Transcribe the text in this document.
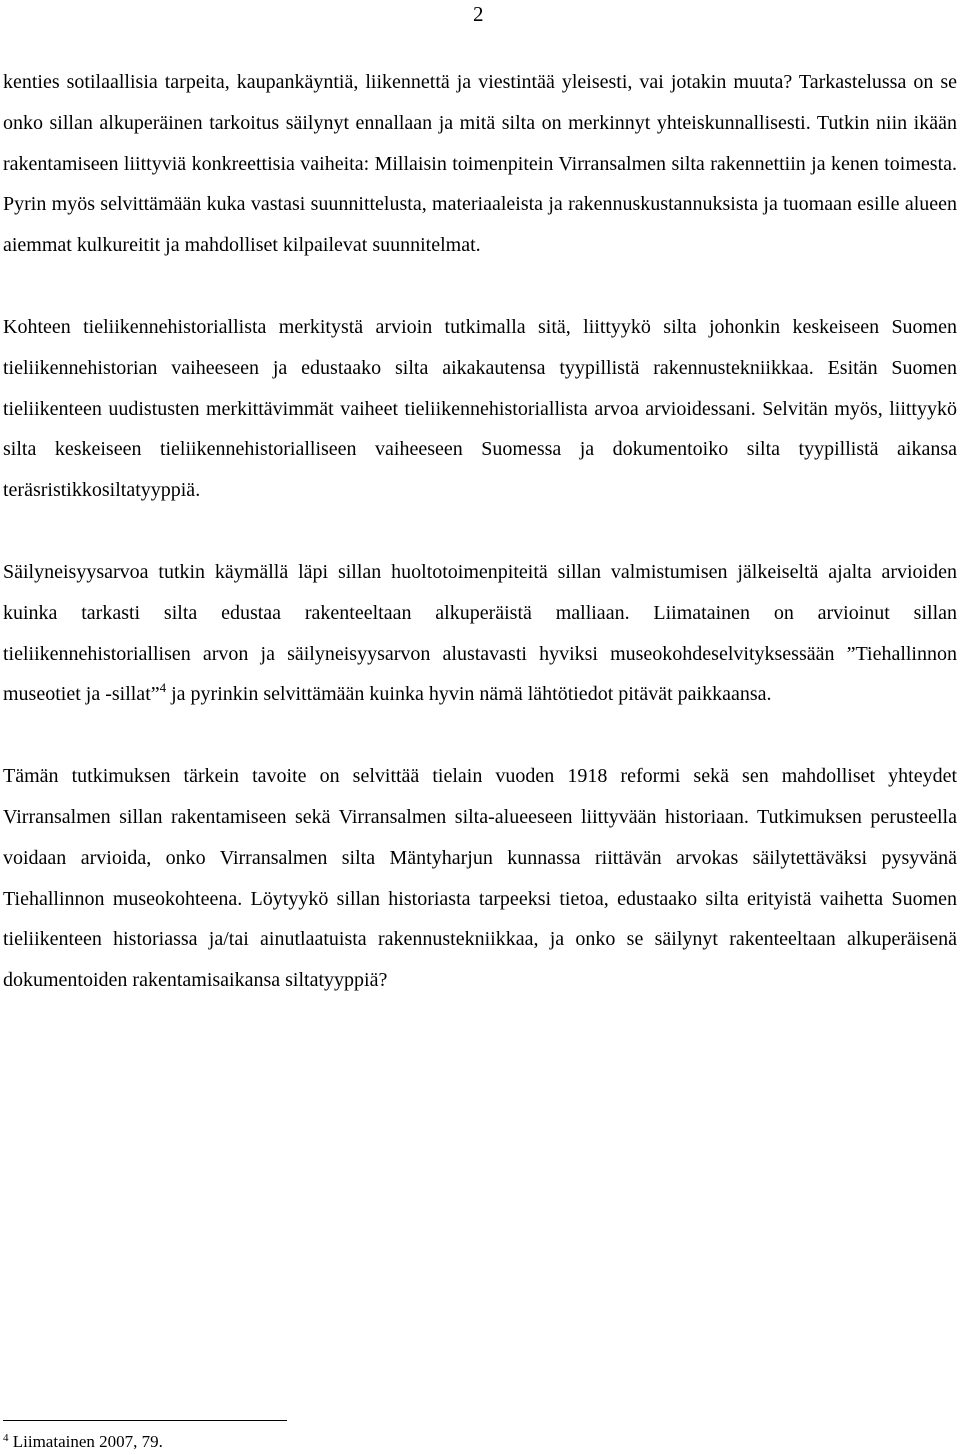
2

kenties sotilaallisia tarpeita, kaupankäyntiä, liikennettä ja viestintää yleisesti, vai jotakin muuta? Tarkastelussa on se onko sillan alkuperäinen tarkoitus säilynyt ennallaan ja mitä silta on merkinnyt yhteiskunnallisesti. Tutkin niin ikään rakentamiseen liittyviä konkreettisia vaiheita: Millaisin toimenpitein Virransalmen silta rakennettiin ja kenen toimesta. Pyrin myös selvittämään kuka vastasi suunnittelusta, materiaaleista ja rakennuskustannuksista ja tuomaan esille alueen aiemmat kulkureitit ja mahdolliset kilpailevat suunnitelmat.

Kohteen tieliikennehistoriallista merkitystä arvioin tutkimalla sitä, liittyykö silta johonkin keskeiseen Suomen tieliikennehistorian vaiheeseen ja edustaako silta aikakautensa tyypillistä rakennustekniikkaa. Esitän Suomen tieliikenteen uudistusten merkittävimmät vaiheet tieliikennehistoriallista arvoa arvioidessani. Selvitän myös, liittyykö silta keskeiseen tieliikennehistorialliseen vaiheeseen Suomessa ja dokumentoiko silta tyypillistä aikansa teräsristikkosiltatyyppiä.

Säilyneisyysarvoa tutkin käymällä läpi sillan huoltotoimenpiteitä sillan valmistumisen jälkeiseltä ajalta arvioiden kuinka tarkasti silta edustaa rakenteeltaan alkuperäistä malliaan. Liimatainen on arvioinut sillan tieliikennehistoriallisen arvon ja säilyneisyysarvon alustavasti hyviksi museokohdeselvityksessään ”Tiehallinnon museotiet ja -sillat”$^4$ ja pyrinkin selvittämään kuinka hyvin nämä lähtötiedot pitävät paikkaansa.

Tämän tutkimuksen tärkein tavoite on selvittää tielain vuoden 1918 reformi sekä sen mahdolliset yhteydet Virransalmen sillan rakentamiseen sekä Virransalmen silta-alueeseen liittyvään historiaan. Tutkimuksen perusteella voidaan arvioida, onko Virransalmen silta Mäntyharjun kunnassa riittävän arvokas säilytettäväksi pysyvänä Tiehallinnon museokohteena. Löytyykö sillan historiasta tarpeeksi tietoa, edustaako silta erityistä vaihetta Suomen tieliikenteen historiassa ja/tai ainutlaatuista rakennustekniikkaa, ja onko se säilynyt rakenteeltaan alkuperäisenä dokumentoiden rakentamisaikansa siltatyyppiä?

$^4$ Liimatainen 2007, 79.
